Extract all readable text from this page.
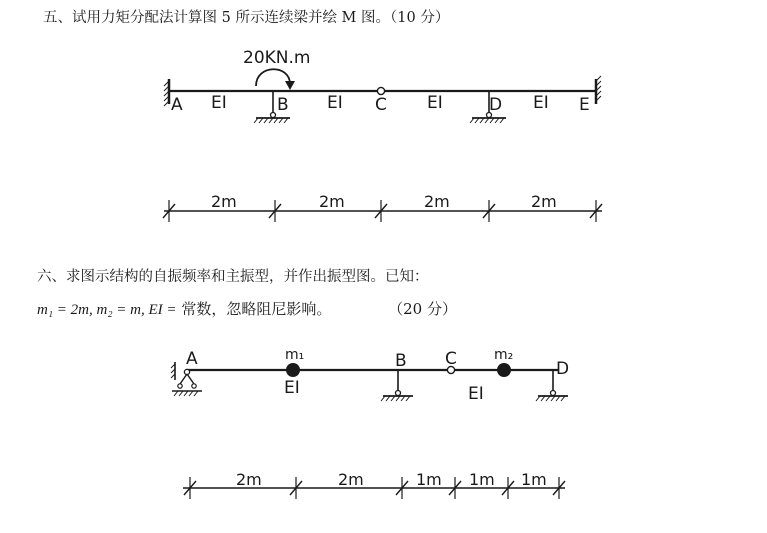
五、试用力矩分配法计算图 5 所示连续梁并绘 M 图。（10 分）
20KN.m
A	B	C	D	E
EI	EI	EI	EI
2m	2m	2m	2m
A	B C	D
m₁	m₂
EI	EI
2m	2m	1m 1m 1m
六、求图示结构的自振频率和主振型，并作出振型图。已知：
m₁ = 2m, m₂ = m, EI = 常数，忽略阻尼影响。	（20 分）
